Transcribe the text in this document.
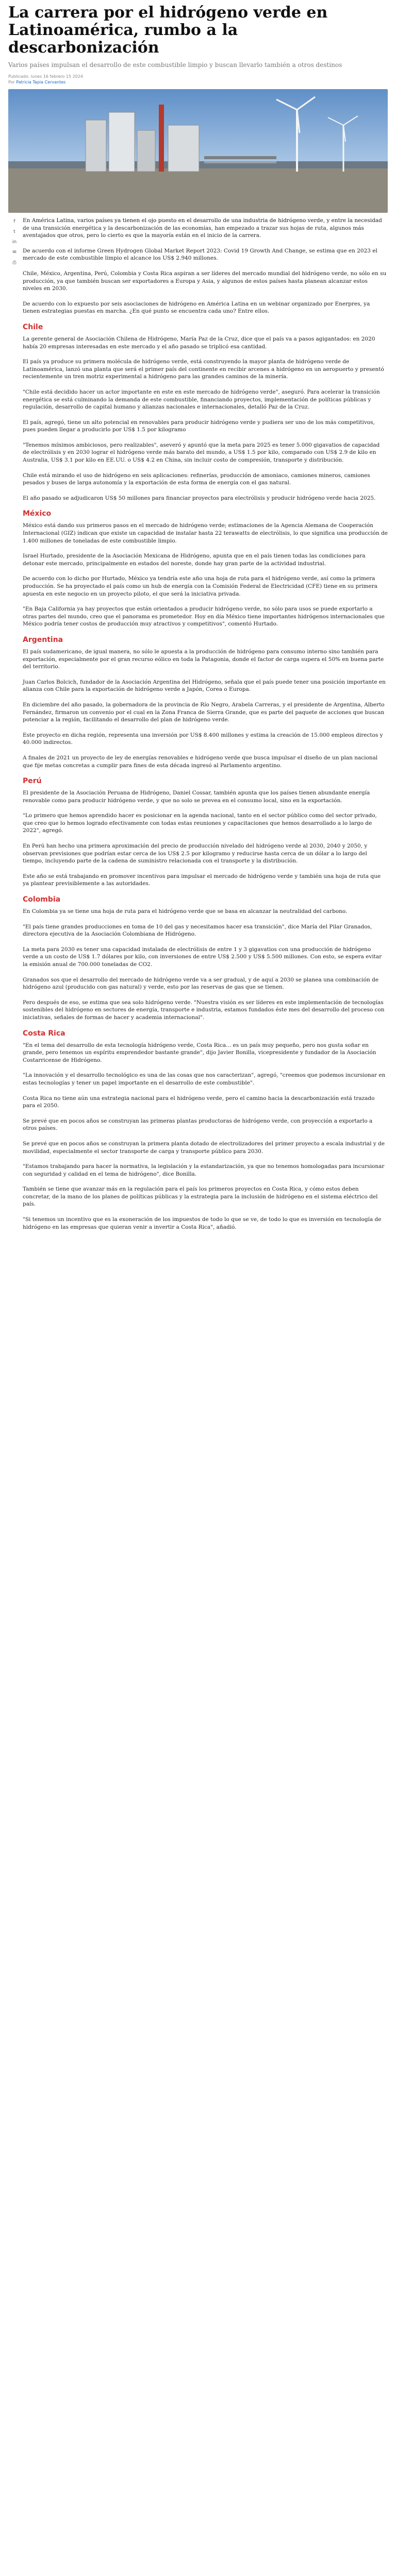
La carrera por el hidrógeno verde en Latinoamérica, rumbo a la descarbonización
Varios países impulsan el desarrollo de este combustible limpio y buscan llevarlo también a otros destinos
Publicado: lunes 16 febrero 15 2024
Por Patricia Tapia Cervantes
f
t
in
✉
⎙

En América Latina, varios países ya tienen el ojo puesto en el desarrollo de una industria de hidrógeno verde, y entre la necesidad de una transición energética y la descarbonización de las economías, han empezado a trazar sus hojas de ruta, algunos más aventajados que otros, pero lo cierto es que la mayoría están en el inicio de la carrera.

De acuerdo con el informe Green Hydrogen Global Market Report 2023: Covid 19 Growth And Change, se estima que en 2023 el mercado de este combustible limpio el alcance los US$ 2.940 millones.

Chile, México, Argentina, Perú, Colombia y Costa Rica aspiran a ser líderes del mercado mundial del hidrógeno verde, no sólo en su producción, ya que también buscan ser exportadores a Europa y Asia, y algunos de estos países hasta planean alcanzar estos niveles en 2030.

De acuerdo con lo expuesto por seis asociaciones de hidrógeno en América Latina en un webinar organizado por Enerpres, ya tienen estrategias puestas en marcha. ¿En qué punto se encuentra cada uno? Entre ellos.

Chile

La gerente general de Asociación Chilena de Hidrógeno, María Paz de la Cruz, dice que el país va a pasos agigantados: en 2020 había 20 empresas interesadas en este mercado y el año pasado se triplicó esa cantidad.

El país ya produce su primera molécula de hidrógeno verde, está construyendo la mayor planta de hidrógeno verde de Latinoamérica, lanzó una planta que será el primer país del continente en recibir arcenes a hidrógeno en un aeropuerto y presentó recientemente un tren motriz experimental a hidrógeno para las grandes caminos de la minería.

"Chile está decidido hacer un actor importante en este en este mercado de hidrógeno verde", aseguró. Para acelerar la transición energética se está culminando la demanda de este combustible, financiando proyectos, implementación de políticas públicas y regulación, desarrollo de capital humano y alianzas nacionales e internacionales, detalló Paz de la Cruz.

El país, agregó, tiene un alto potencial en renovables para producir hidrógeno verde y pudiera ser uno de los más competitivos, pues pueden llegar a producirlo por US$ 1.5 por kilogramo

"Tenemos mínimos ambiciosos, pero realizables", aseveró y apuntó que la meta para 2025 es tener 5.000 gigavatios de capacidad de electrólisis y en 2030 lograr el hidrógeno verde más barato del mundo, a US$ 1.5 por kilo, comparado con US$ 2.9 de kilo en Australia, US$ 3.1 por kilo en EE.UU. o US$ 4.2 en China, sin incluir costo de compresión, transporte y distribución.

Chile está mirando el uso de hidrógeno en seis aplicaciones: refinerías, producción de amoniaco, camiones mineros, camiones pesados y buses de larga autonomía y la exportación de esta forma de energía con el gas natural.

El año pasado se adjudicaron US$ 50 millones para financiar proyectos para electrólisis y producir hidrógeno verde hacia 2025.

México

México está dando sus primeros pasos en el mercado de hidrógeno verde; estimaciones de la Agencia Alemana de Cooperación Internacional (GIZ) indican que existe un capacidad de instalar hasta 22 terawatts de electrólisis, lo que significa una producción de 1.400 millones de toneladas de este combustible limpio.

Israel Hurtado, presidente de la Asociación Mexicana de Hidrógeno, apunta que en el país tienen todas las condiciones para detonar este mercado, principalmente en estados del noreste, donde hay gran parte de la actividad industrial.

De acuerdo con lo dicho por Hurtado, México ya tendría este año una hoja de ruta para el hidrógeno verde, así como la primera producción. Se ha proyectado el país como un hub de energía con la Comisión Federal de Electricidad (CFE) tiene en su primera apuesta en este negocio en un proyecto piloto, el que será la iniciativa privada.

"En Baja California ya hay proyectos que están orientados a producir hidrógeno verde, no sólo para usos se puede exportarlo a otras partes del mundo, creo que el panorama es prometedor. Hoy en día México tiene importantes hidrógenos internacionales que México podría tener costos de producción muy atractivos y competitivos", comentó Hurtado.

Argentina

El país sudamericano, de igual manera, no sólo le apuesta a la producción de hidrógeno para consumo interno sino también para exportación, especialmente por el gran recurso eólico en toda la Patagonia, donde el factor de carga supera el 50% en buena parte del territorio.

Juan Carlos Bolcich, fundador de la Asociación Argentina del Hidrógeno, señala que el país puede tener una posición importante en alianza con Chile para la exportación de hidrógeno verde a Japón, Corea o Europa.

En diciembre del año pasado, la gobernadora de la provincia de Río Negro, Arabela Carreras, y el presidente de Argentina, Alberto Fernández, firmaron un convenio por el cual en la Zona Franca de Sierra Grande, que es parte del paquete de acciones que buscan potenciar a la región, facilitando el desarrollo del plan de hidrógeno verde.

Este proyecto en dicha región, representa una inversión por US$ 8.400 millones y estima la creación de 15.000 empleos directos y 40.000 indirectos.

A finales de 2021 un proyecto de ley de energías renovables e hidrógeno verde que busca impulsar el diseño de un plan nacional que fije metas concretas a cumplir para fines de esta década ingresó al Parlamento argentino.

Perú

El presidente de la Asociación Peruana de Hidrógeno, Daniel Cossar, también apunta que los países tienen abundante energía renovable como para producir hidrógeno verde, y que no solo se prevea en el consumo local, sino en la exportación.

"Lo primero que hemos aprendido hacer es posicionar en la agenda nacional, tanto en el sector público como del sector privado, que creo que lo hemos logrado efectivamente con todas estas reuniones y capacitaciones que hemos desarrollado a lo largo de 2022", agregó.

En Perú han hecho una primera aproximación del precio de producción nivelado del hidrógeno verde al 2030, 2040 y 2050, y observan previsiones que podrían estar cerca de los US$ 2.5 por kilogramo y reducirse hasta cerca de un dólar a lo largo del tiempo, incluyendo parte de la cadena de suministro relacionada con el transporte y la distribución.

Este año se está trabajando en promover incentivos para impulsar el mercado de hidrógeno verde y también una hoja de ruta que ya plantear previsiblemente a las autoridades.

Colombia

En Colombia ya se tiene una hoja de ruta para el hidrógeno verde que se basa en alcanzar la neutralidad del carbono.

"El país tiene grandes producciones en toma de 10 del gas y necesitamos hacer esa transición", dice María del Pilar Granados, directora ejecutiva de la Asociación Colombiana de Hidrógeno.

La meta para 2030 es tener una capacidad instalada de electrólisis de entre 1 y 3 gigavatios con una producción de hidrógeno verde a un costo de US$ 1.7 dólares por kilo, con inversiones de entre US$ 2.500 y US$ 5.500 millones. Con esto, se espera evitar la emisión anual de 700.000 toneladas de CO2.

Granados sos que el desarrollo del mercado de hidrógeno verde va a ser gradual, y de aquí a 2030 se planea una combinación de hidrógeno azul (producido con gas natural) y verde, esto por las reservas de gas que se tienen.

Pero después de eso, se estima que sea solo hidrógeno verde. "Nuestra visión es ser líderes en este implementación de tecnologías sostenibles del hidrógeno en sectores de energía, transporte e industria, estamos fundados éste mes del desarrollo del proceso con iniciativas, señales de formas de hacer y academia internacional".

Costa Rica

"En el tema del desarrollo de esta tecnología hidrógeno verde, Costa Rica... es un país muy pequeño, pero nos gusta soñar en grande, pero tenemos un espíritu emprendedor bastante grande", dijo Javier Bonilla, vicepresidente y fundador de la Asociación Costarricense de Hidrógeno.

"La innovación y el desarrollo tecnológico es una de las cosas que nos caracterizan", agregó, "creemos que podemos incursionar en estas tecnologías y tener un papel importante en el desarrollo de este combustible".

Costa Rica no tiene aún una estrategia nacional para el hidrógeno verde, pero el camino hacia la descarbonización está trazado para el 2050.

Se prevé que en pocos años se construyan las primeras plantas productoras de hidrógeno verde, con proyección a exportarlo a otros países.

Se prevé que en pocos años se construyan la primera planta dotado de electrolizadores del primer proyecto a escala industrial y de movilidad, especialmente el sector transporte de carga y transporte público para 2030.

"Estamos trabajando para hacer la normativa, la legislación y la estandarización, ya que no tenemos homologadas para incursionar con seguridad y calidad en el tema de hidrógeno", dice Bonilla.

También se tiene que avanzar más en la regulación para el país los primeros proyectos en Costa Rica, y cómo estos deben concretar, de la mano de los planes de políticas públicas y la estrategia para la inclusión de hidrógeno en el sistema eléctrico del país.

"Si tenemos un incentivo que es la exoneración de los impuestos de todo lo que se ve, de todo lo que es inversión en tecnología de hidrógeno en las empresas que quieran venir a invertir a Costa Rica", añadió.
